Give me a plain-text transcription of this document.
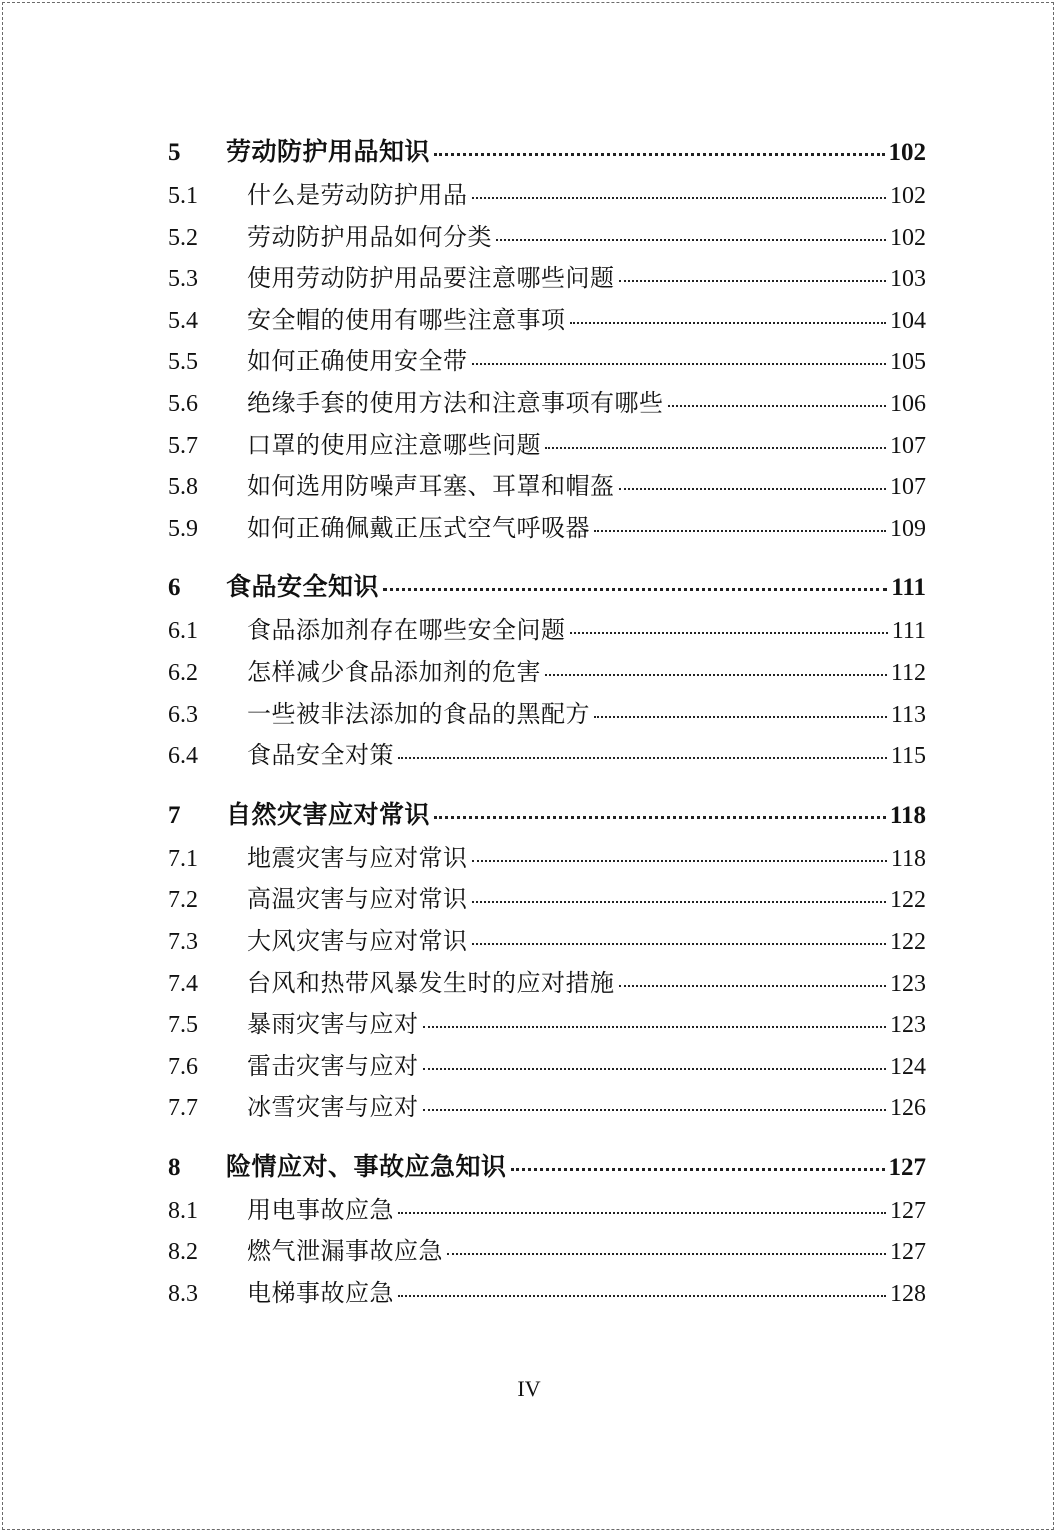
5	劳动防护用品知识	102
5.1	什么是劳动防护用品	102
5.2	劳动防护用品如何分类	102
5.3	使用劳动防护用品要注意哪些问题	103
5.4	安全帽的使用有哪些注意事项	104
5.5	如何正确使用安全带	105
5.6	绝缘手套的使用方法和注意事项有哪些	106
5.7	口罩的使用应注意哪些问题	107
5.8	如何选用防噪声耳塞、耳罩和帽盔	107
5.9	如何正确佩戴正压式空气呼吸器	109
6	食品安全知识	111
6.1	食品添加剂存在哪些安全问题	111
6.2	怎样减少食品添加剂的危害	112
6.3	一些被非法添加的食品的黑配方	113
6.4	食品安全对策	115
7	自然灾害应对常识	118
7.1	地震灾害与应对常识	118
7.2	高温灾害与应对常识	122
7.3	大风灾害与应对常识	122
7.4	台风和热带风暴发生时的应对措施	123
7.5	暴雨灾害与应对	123
7.6	雷击灾害与应对	124
7.7	冰雪灾害与应对	126
8	险情应对、事故应急知识	127
8.1	用电事故应急	127
8.2	燃气泄漏事故应急	127
8.3	电梯事故应急	128
IV
